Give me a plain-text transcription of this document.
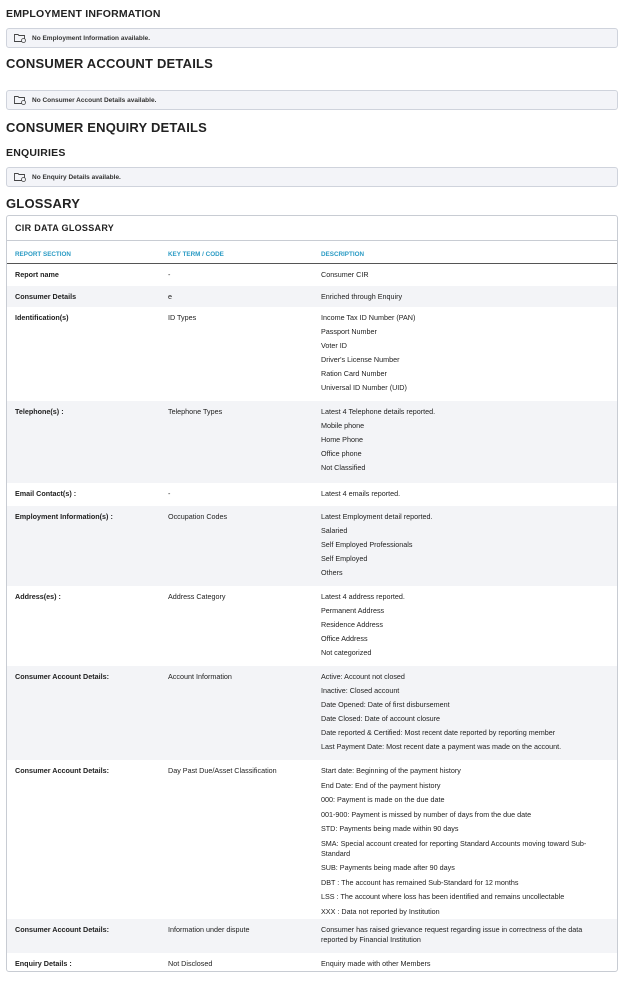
EMPLOYMENT INFORMATION
No Employment Information available.
CONSUMER ACCOUNT DETAILS
No Consumer Account Details available.
CONSUMER ENQUIRY DETAILS
ENQUIRIES
No Enquiry Details available.
GLOSSARY
CIR DATA GLOSSARY
REPORT SECTION	KEY TERM / CODE	DESCRIPTION
Report name	-	Consumer CIR
Consumer Details	e	Enriched through Enquiry
Identification(s)	ID Types	Income Tax ID Number (PAN)
Passport Number
Voter ID
Driver's License Number
Ration Card Number
Universal ID Number (UID)
Telephone(s) :	Telephone Types	Latest 4 Telephone details reported.
Mobile phone
Home Phone
Office phone
Not Classified
Email Contact(s) :	-	Latest 4 emails reported.
Employment Information(s) :	Occupation Codes	Latest Employment detail reported.
Salaried
Self Employed Professionals
Self Employed
Others
Address(es) :	Address Category	Latest 4 address reported.
Permanent Address
Residence Address
Office Address
Not categorized
Consumer Account Details:	Account Information	Active: Account not closed
Inactive: Closed account
Date Opened: Date of first disbursement
Date Closed: Date of account closure
Date reported & Certified: Most recent date reported by reporting member
Last Payment Date: Most recent date a payment was made on the account.
Consumer Account Details:	Day Past Due/Asset Classification	Start date: Beginning of the payment history
End Date: End of the payment history
000: Payment is made on the due date
001-900: Payment is missed by number of days from the due date
STD: Payments being made within 90 days
SMA: Special account created for reporting Standard Accounts moving toward Sub-Standard
SUB: Payments being made after 90 days
DBT : The account has remained Sub-Standard for 12 months
LSS : The account where loss has been identified and remains uncollectable
XXX : Data not reported by Institution
Consumer Account Details:	Information under dispute	Consumer has raised grievance request regarding issue in correctness of the data reported by Financial Institution
Enquiry Details :	Not Disclosed	Enquiry made with other Members
